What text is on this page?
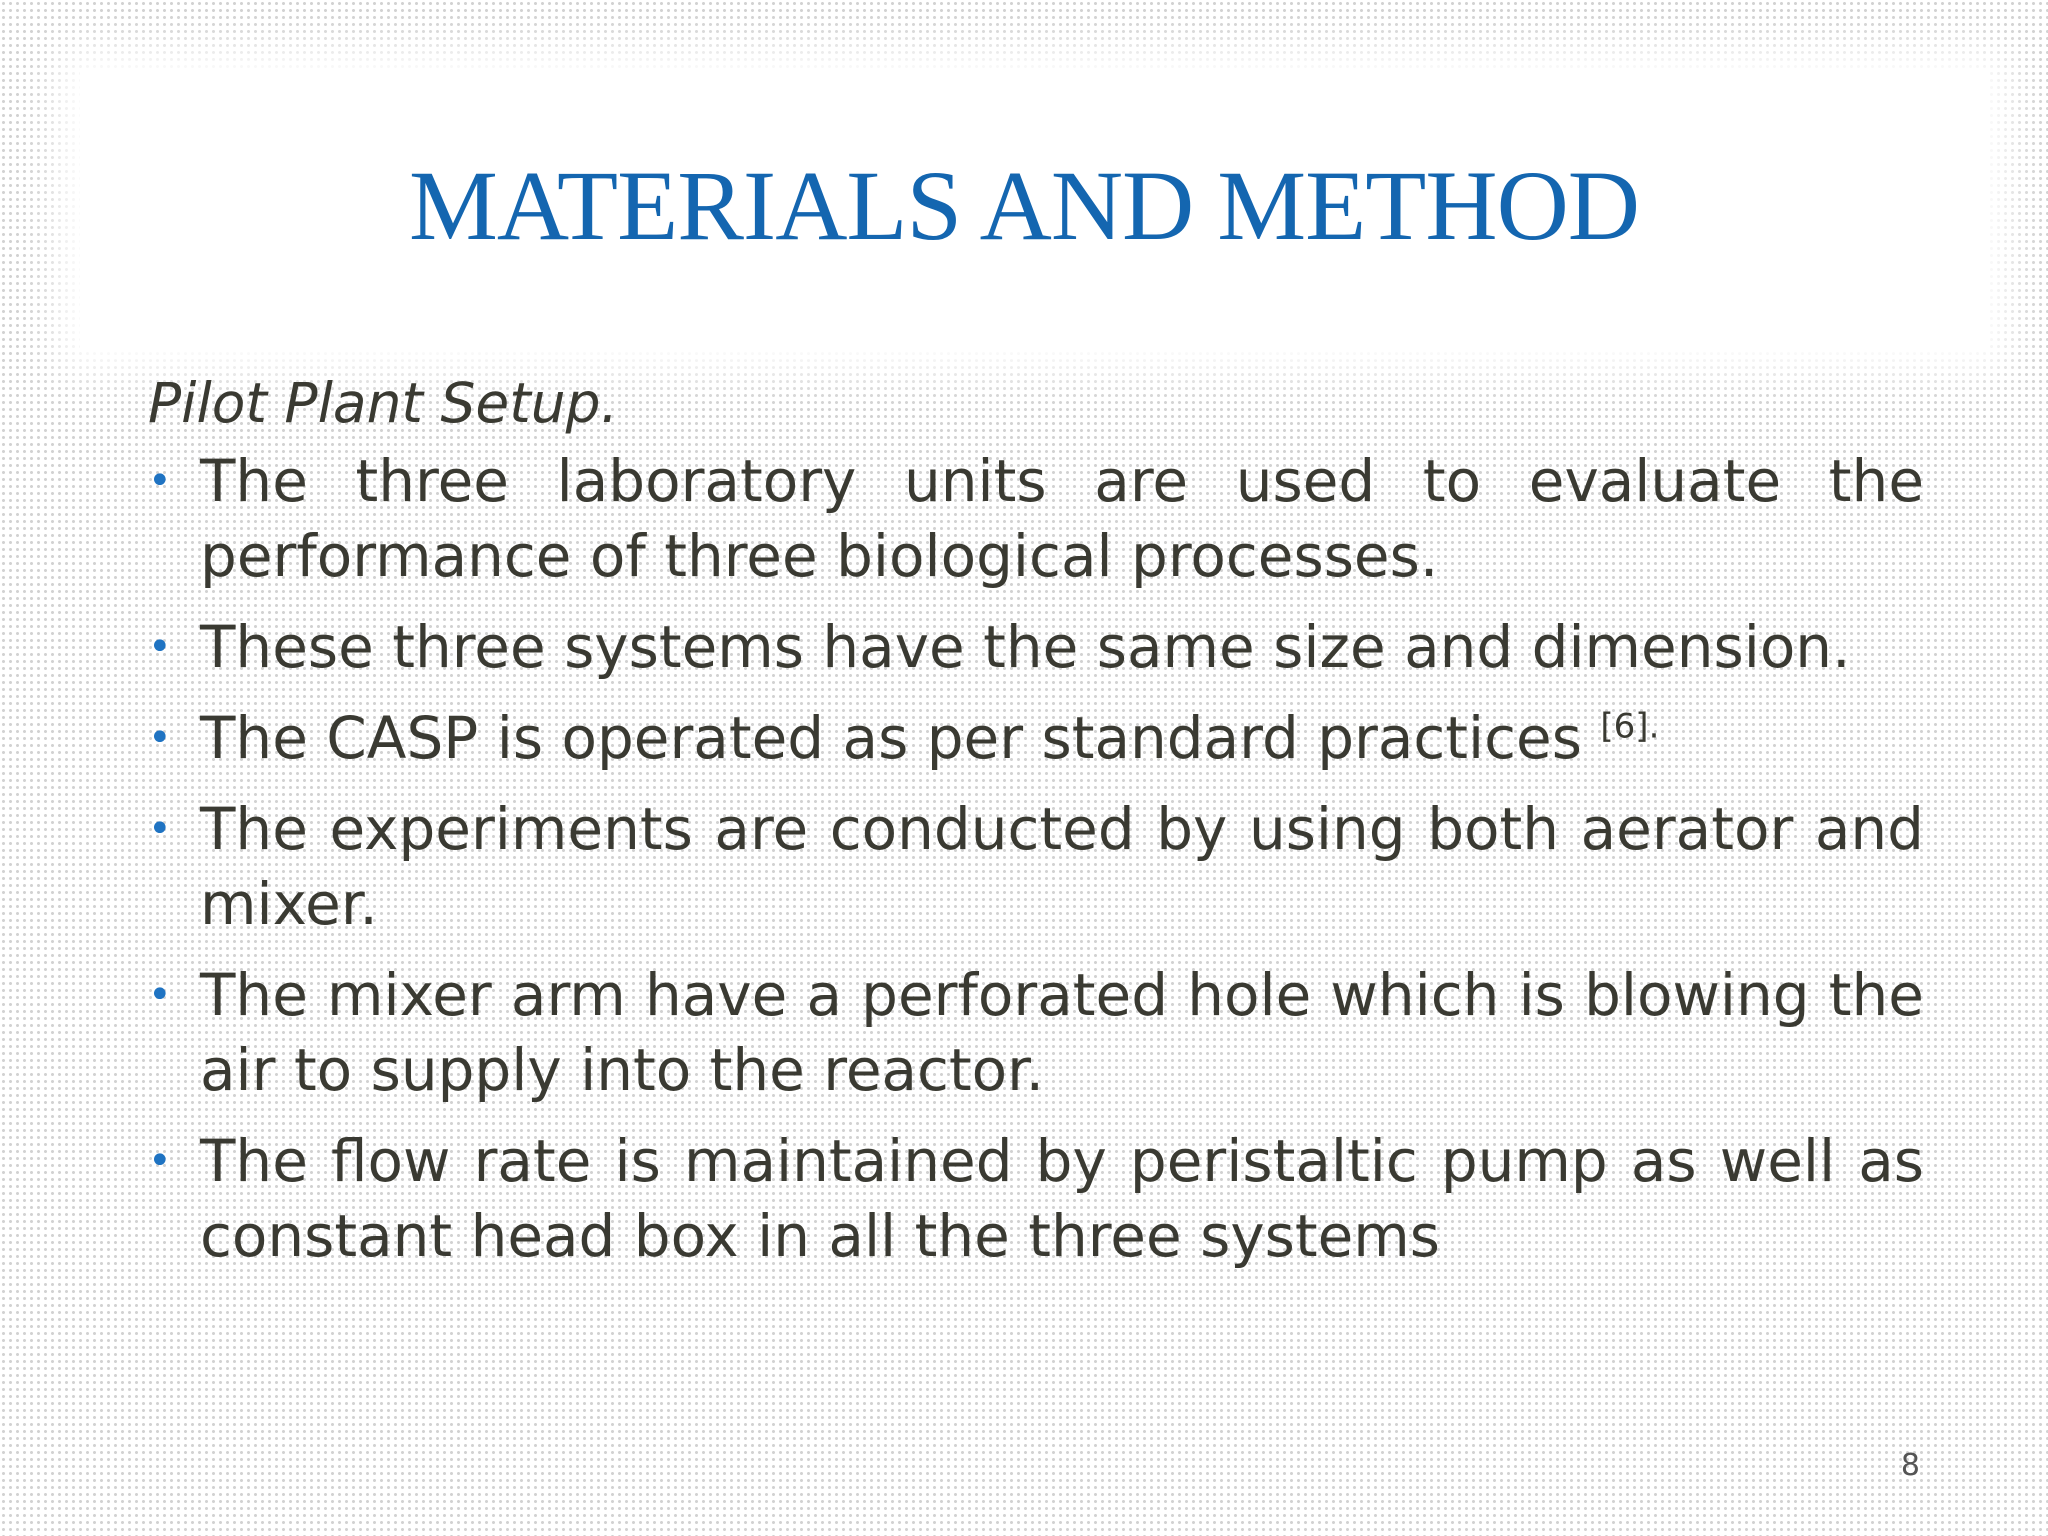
MATERIALS AND METHOD
Pilot Plant Setup.
• The three laboratory units are used to evaluate the performance of three biological processes.
• These three systems have the same size and dimension.
• The CASP is operated as per standard practices $^{[6].}$
• The experiments are conducted by using both aerator and mixer.
• The mixer arm have a perforated hole which is blowing the air to supply into the reactor.
• The flow rate is maintained by peristaltic pump as well as constant head box in all the three systems
8
